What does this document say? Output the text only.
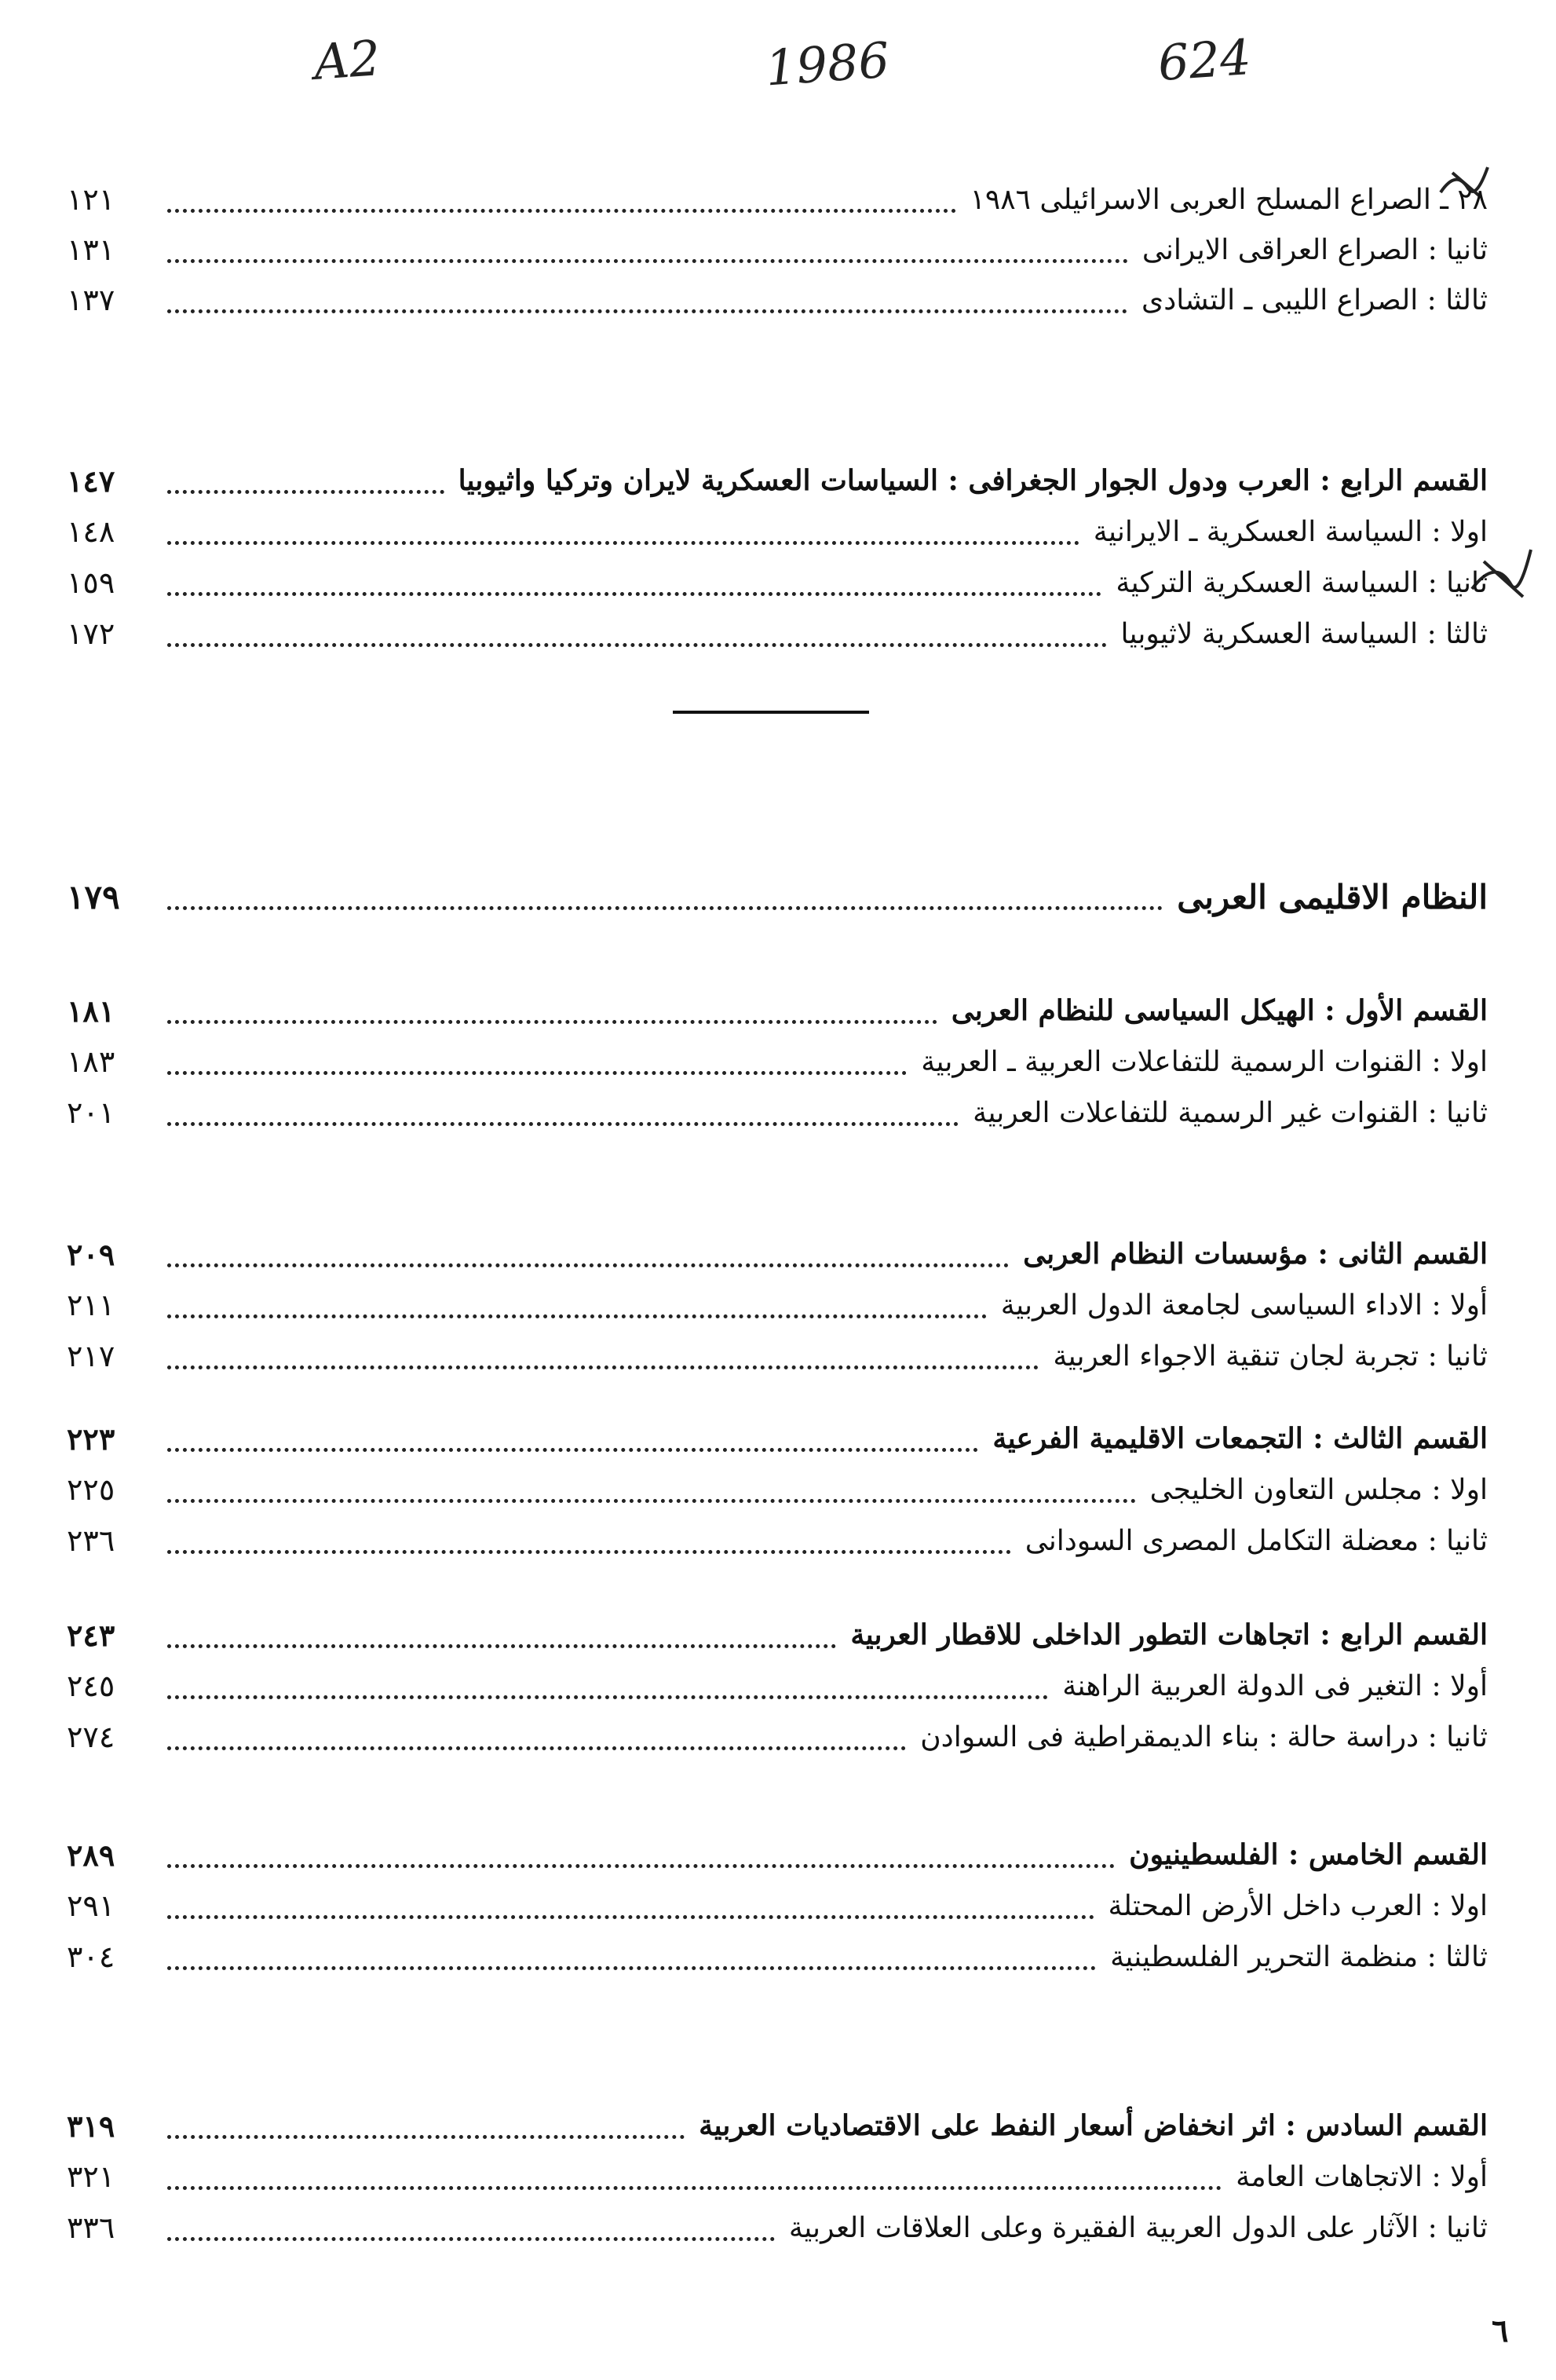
A2	1986	624
٢٨ ـ الصراع المسلح العربى الاسرائيلى ١٩٨٦
١٢١
ثانيا : الصراع العراقى الايرانى
١٣١
ثالثا : الصراع الليبى ـ التشادى
١٣٧
القسم الرابع : العرب ودول الجوار الجغرافى : السياسات العسكرية لايران وتركيا واثيوبيا
١٤٧
اولا : السياسة العسكرية ـ الايرانية
١٤٨
ثانيا : السياسة العسكرية التركية
١٥٩
ثالثا : السياسة العسكرية لاثيوبيا
١٧٢
النظام الاقليمى العربى
١٧٩
القسم الأول : الهيكل السياسى للنظام العربى
١٨١
اولا : القنوات الرسمية للتفاعلات العربية ـ العربية
١٨٣
ثانيا : القنوات غير الرسمية للتفاعلات العربية
٢٠١
القسم الثانى : مؤسسات النظام العربى
٢٠٩
أولا : الاداء السياسى لجامعة الدول العربية
٢١١
ثانيا : تجربة لجان تنقية الاجواء العربية
٢١٧
القسم الثالث : التجمعات الاقليمية الفرعية
٢٢٣
اولا : مجلس التعاون الخليجى
٢٢٥
ثانيا : معضلة التكامل المصرى السودانى
٢٣٦
القسم الرابع : اتجاهات التطور الداخلى للاقطار العربية
٢٤٣
أولا : التغير فى الدولة العربية الراهنة
٢٤٥
ثانيا : دراسة حالة : بناء الديمقراطية فى السوادن
٢٧٤
القسم الخامس : الفلسطينيون
٢٨٩
اولا : العرب داخل الأرض المحتلة
٢٩١
ثالثا : منظمة التحرير الفلسطينية
٣٠٤
القسم السادس : اثر انخفاض أسعار النفط على الاقتصاديات العربية
٣١٩
أولا : الاتجاهات العامة
٣٢١
ثانيا : الآثار على الدول العربية الفقيرة وعلى العلاقات العربية
٣٣٦
٦
